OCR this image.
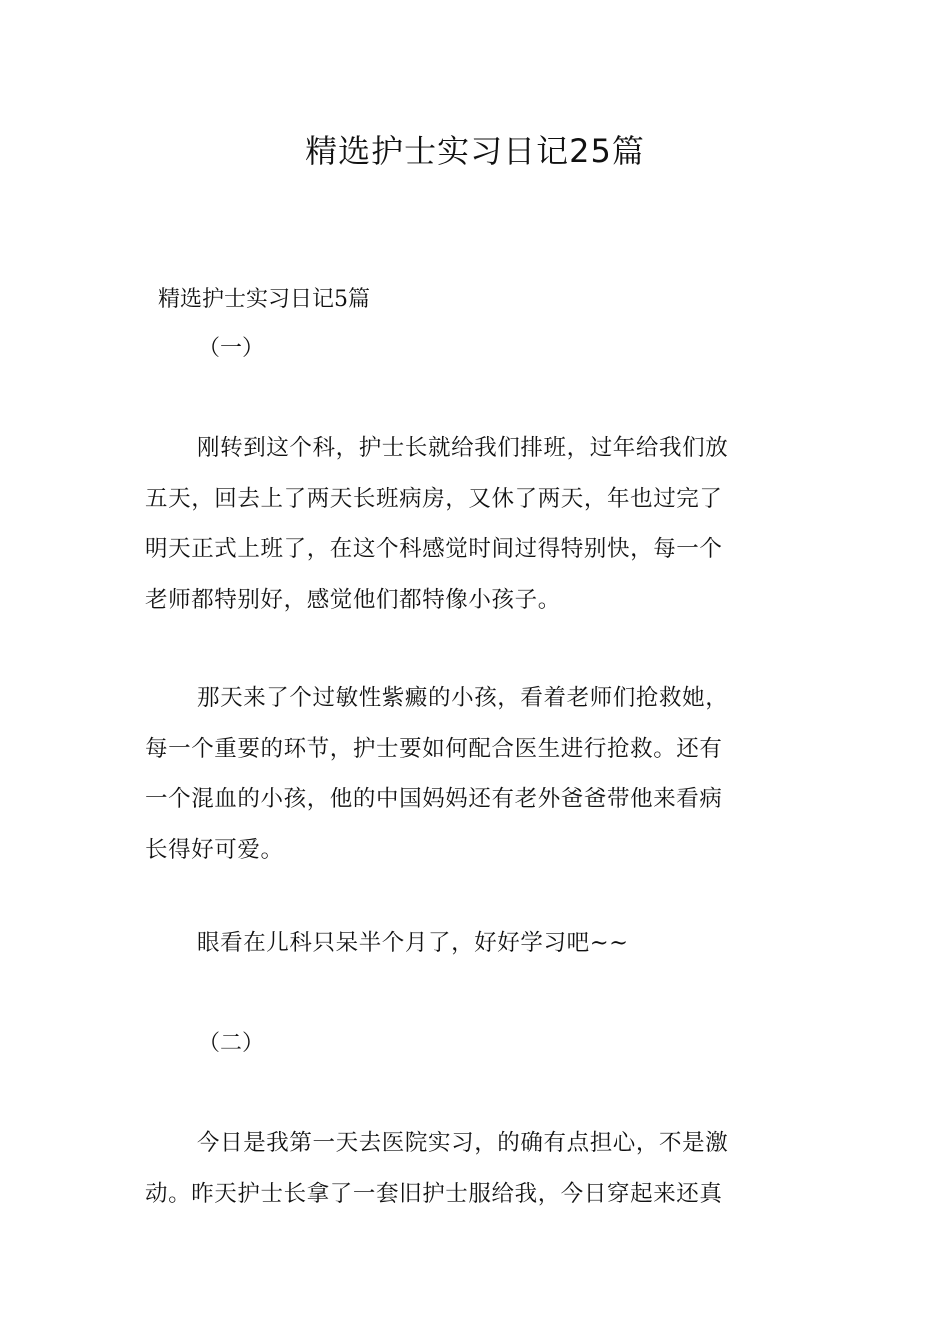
精选护士实习日记25篇
精选护士实习日记5篇
（一）
刚转到这个科，护士长就给我们排班，过年给我们放
五天，回去上了两天长班病房，又休了两天，年也过完了
明天正式上班了，在这个科感觉时间过得特别快，每一个
老师都特别好，感觉他们都特像小孩子。
那天来了个过敏性紫癜的小孩，看着老师们抢救她，
每一个重要的环节，护士要如何配合医生进行抢救。还有
一个混血的小孩，他的中国妈妈还有老外爸爸带他来看病
长得好可爱。
眼看在儿科只呆半个月了，好好学习吧~~
（二）
今日是我第一天去医院实习，的确有点担心，不是激
动。昨天护士长拿了一套旧护士服给我，今日穿起来还真
